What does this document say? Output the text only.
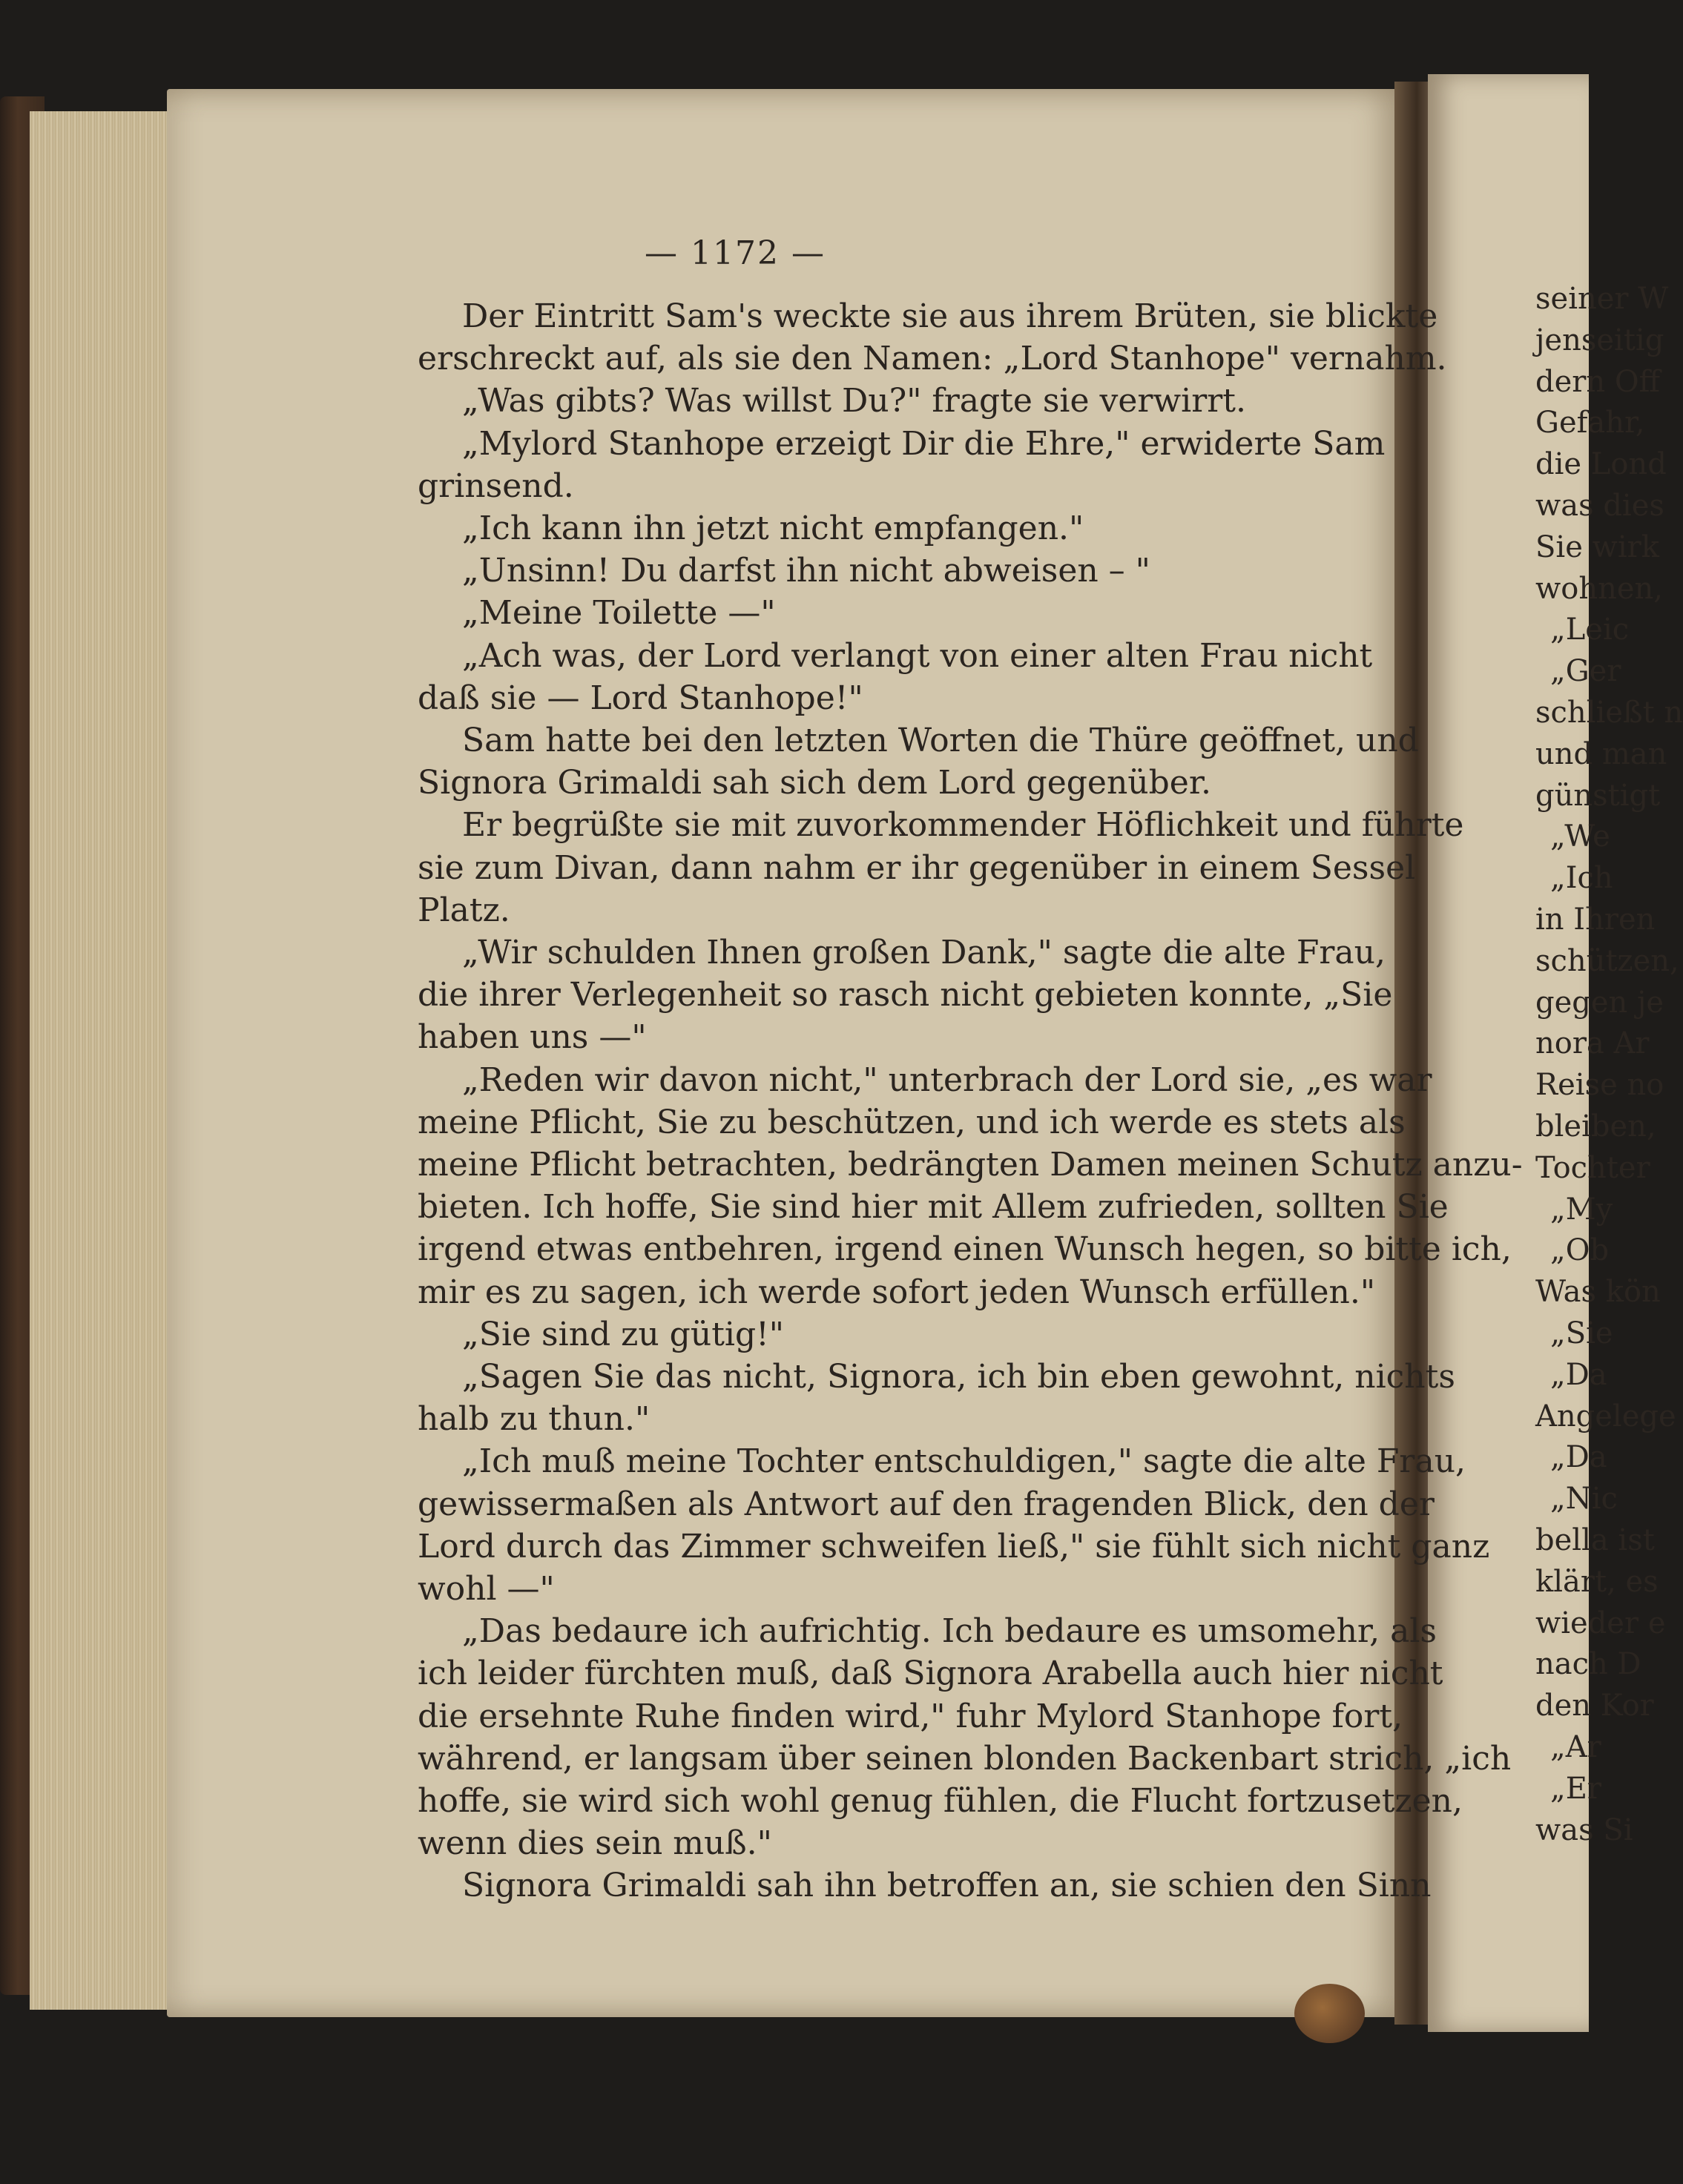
seiner W
jenseitig
dern Off
Gefahr,
die Lond
was dies
Sie wirk
wohnen,
„Leic
„Ger
schließt n
und man
günstigt
„We
„Ich
in Ihren
schützen,
gegen je
nora Ar
Reise no
bleiben,
Tochter
„My
„Ob
Was kön
„Sie
„Da
Angelege
„Da
„Nic
bella ist
klärt, es
wieder e
nach D
den Kor
„Ar
„Er
was Si
— 1172 —
Der Eintritt Sam's weckte sie aus ihrem Brüten, sie blickte
erschreckt auf, als sie den Namen: „Lord Stanhope" vernahm.
„Was gibts? Was willst Du?" fragte sie verwirrt.
„Mylord Stanhope erzeigt Dir die Ehre," erwiderte Sam
grinsend.
„Ich kann ihn jetzt nicht empfangen."
„Unsinn! Du darfst ihn nicht abweisen – "
„Meine Toilette —"
„Ach was, der Lord verlangt von einer alten Frau nicht
daß sie — Lord Stanhope!"
Sam hatte bei den letzten Worten die Thüre geöffnet, und
Signora Grimaldi sah sich dem Lord gegenüber.
Er begrüßte sie mit zuvorkommender Höflichkeit und führte
sie zum Divan, dann nahm er ihr gegenüber in einem Sessel
Platz.
„Wir schulden Ihnen großen Dank," sagte die alte Frau,
die ihrer Verlegenheit so rasch nicht gebieten konnte, „Sie
haben uns —"
„Reden wir davon nicht," unterbrach der Lord sie, „es war
meine Pflicht, Sie zu beschützen, und ich werde es stets als
meine Pflicht betrachten, bedrängten Damen meinen Schutz anzu-
bieten. Ich hoffe, Sie sind hier mit Allem zufrieden, sollten Sie
irgend etwas entbehren, irgend einen Wunsch hegen, so bitte ich,
mir es zu sagen, ich werde sofort jeden Wunsch erfüllen."
„Sie sind zu gütig!"
„Sagen Sie das nicht, Signora, ich bin eben gewohnt, nichts
halb zu thun."
„Ich muß meine Tochter entschuldigen," sagte die alte Frau,
gewissermaßen als Antwort auf den fragenden Blick, den der
Lord durch das Zimmer schweifen ließ," sie fühlt sich nicht ganz
wohl —"
„Das bedaure ich aufrichtig. Ich bedaure es umsomehr, als
ich leider fürchten muß, daß Signora Arabella auch hier nicht
die ersehnte Ruhe finden wird," fuhr Mylord Stanhope fort,
während, er langsam über seinen blonden Backenbart strich, „ich
hoffe, sie wird sich wohl genug fühlen, die Flucht fortzusetzen,
wenn dies sein muß."
Signora Grimaldi sah ihn betroffen an, sie schien den Sinn
